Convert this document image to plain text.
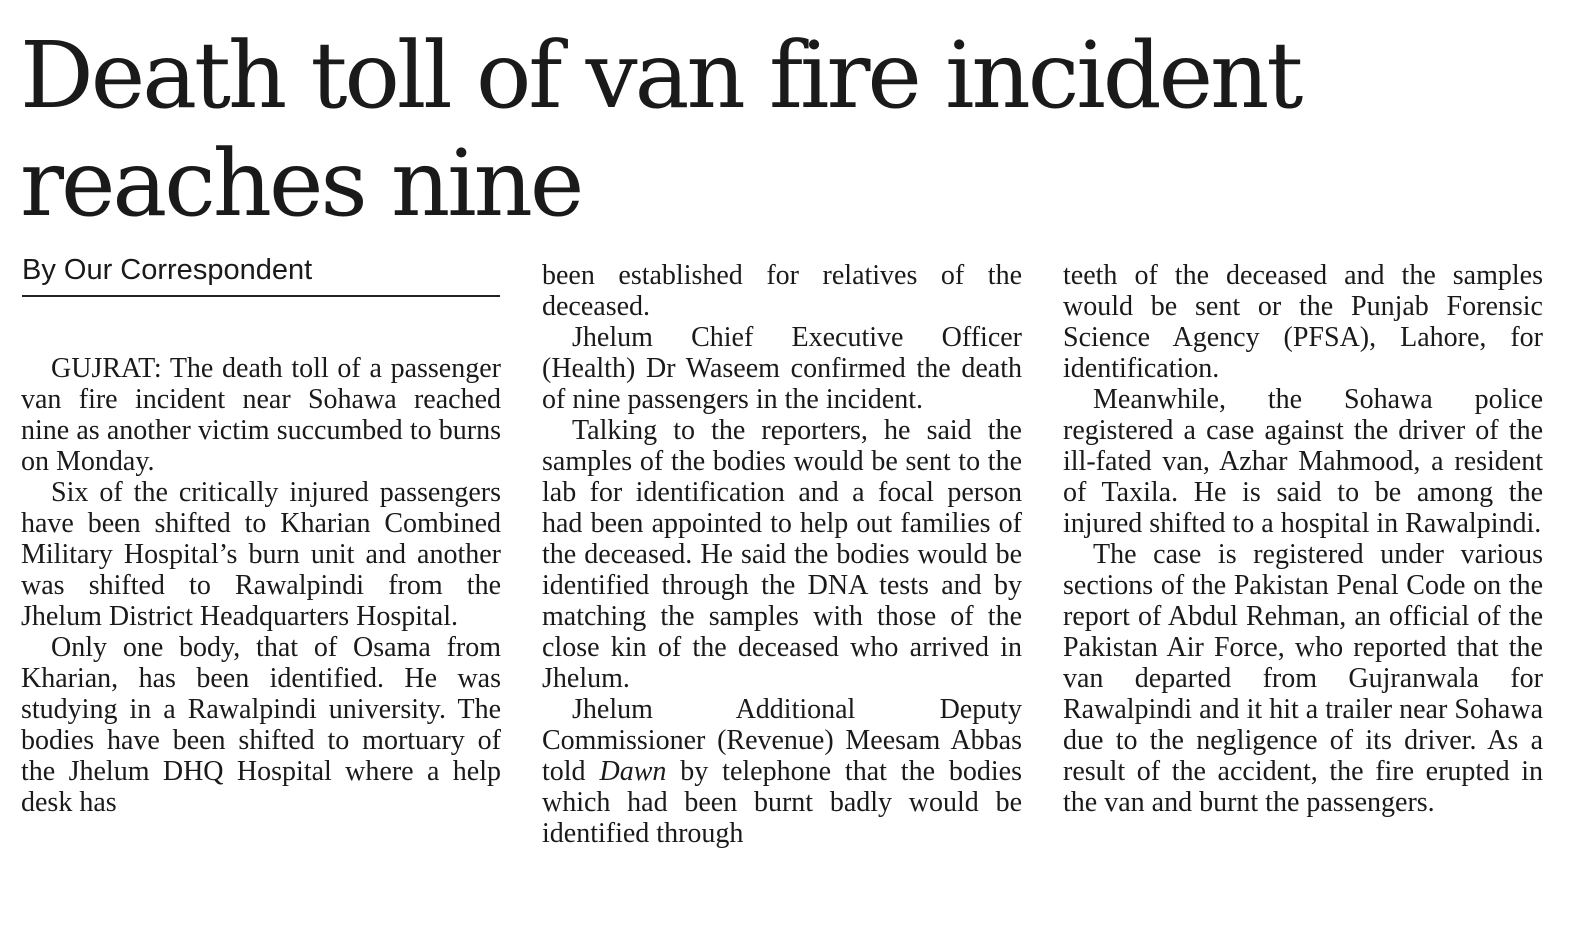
Death toll of van fire incident reaches nine
By Our Correspondent

GUJRAT: The death toll of a passenger van fire incident near Sohawa reached nine as another victim succumbed to burns on Monday.

Six of the critically injured passengers have been shifted to Kharian Combined Military Hospital’s burn unit and another was shifted to Rawalpindi from the Jhelum District Headquarters Hospital.

Only one body, that of Osama from Kharian, has been identified. He was studying in a Rawalpindi university. The bodies have been shifted to mortuary of the Jhelum DHQ Hospital where a help desk has

been established for relatives of the deceased.

Jhelum Chief Executive Officer (Health) Dr Waseem confirmed the death of nine passengers in the incident.

Talking to the reporters, he said the samples of the bodies would be sent to the lab for identification and a focal person had been appointed to help out families of the deceased. He said the bodies would be identified through the DNA tests and by matching the samples with those of the close kin of the deceased who arrived in Jhelum.

Jhelum Additional Deputy Commissioner (Revenue) Meesam Abbas told Dawn by telephone that the bodies which had been burnt badly would be identified through

teeth of the deceased and the samples would be sent or the Punjab Forensic Science Agency (PFSA), Lahore, for identification.

Meanwhile, the Sohawa police registered a case against the driver of the ill-fated van, Azhar Mahmood, a resident of Taxila. He is said to be among the injured shifted to a hospital in Rawalpindi.

The case is registered under various sections of the Pakistan Penal Code on the report of Abdul Rehman, an official of the Pakistan Air Force, who reported that the van departed from Gujranwala for Rawalpindi and it hit a trailer near Sohawa due to the negligence of its driver. As a result of the accident, the fire erupted in the van and burnt the passengers.
